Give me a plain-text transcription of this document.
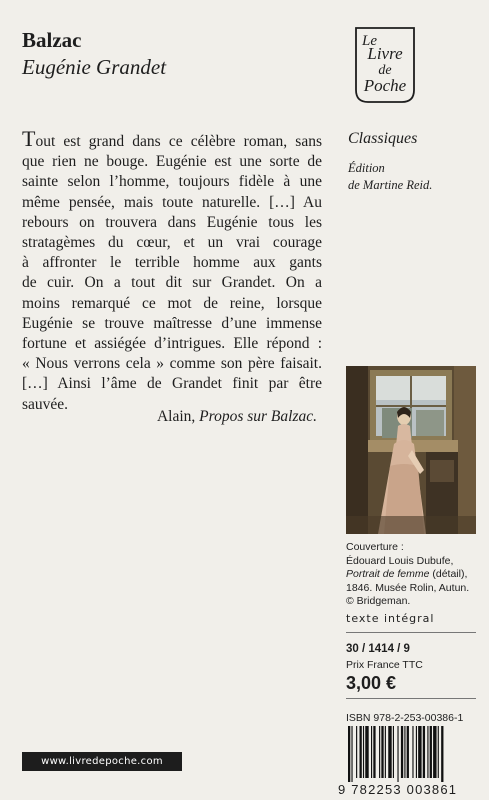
Balzac
Eugénie Grandet
Le
Livre
de
Poche
Classiques
Édition
de Martine Reid.
Tout est grand dans ce célèbre roman, sans
que rien ne bouge. Eugénie est une sorte de
sainte selon l’homme, toujours fidèle à une
même pensée, mais toute naturelle. […] Au
rebours on trouvera dans Eugénie tous les
stratagèmes du cœur, et un vrai courage
à affronter le terrible homme aux gants
de cuir. On a tout dit sur Grandet. On a
moins remarqué ce mot de reine, lorsque
Eugénie se trouve maîtresse d’une immense
fortune et assiégée d’intrigues. Elle répond :
« Nous verrons cela » comme son père faisait.
[…] Ainsi l’âme de Grandet finit par être
sauvée.
Alain, Propos sur Balzac.
Couverture :
Édouard Louis Dubufe,
Portrait de femme (détail),
1846. Musée Rolin, Autun.
© Bridgeman.
texte intégral
30 / 1414 / 9
Prix France TTC
3,00 €
ISBN 978-2-253-00386-1
9 782253 003861
www.livredepoche.com
